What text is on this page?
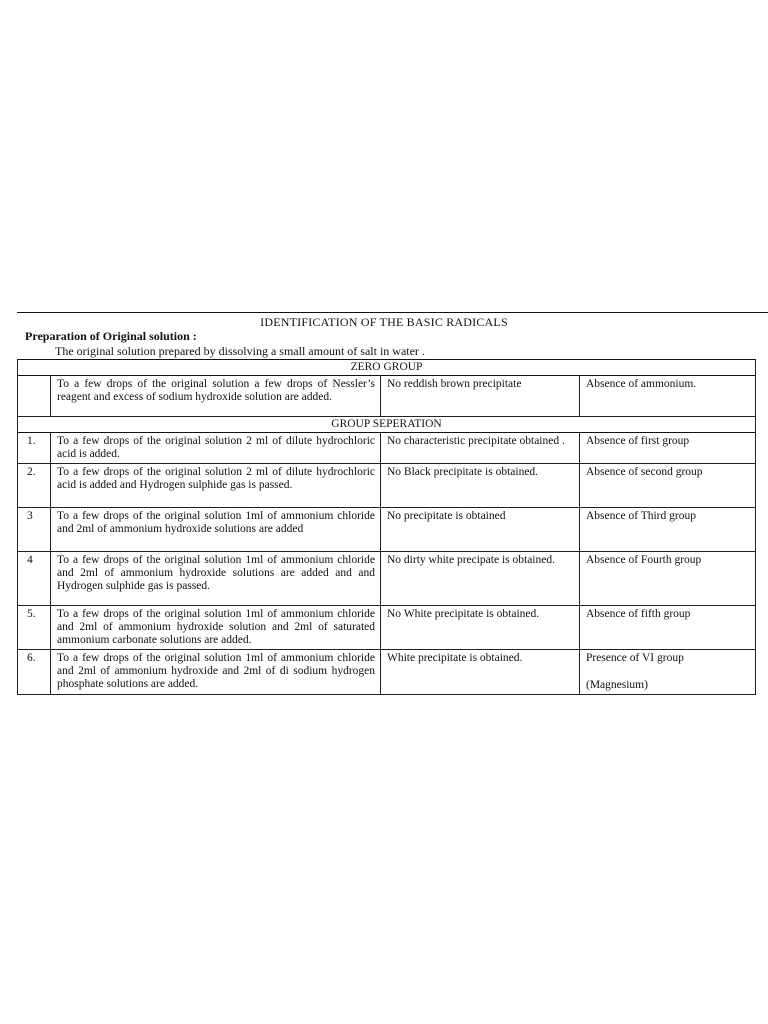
IDENTIFICATION OF THE BASIC RADICALS
Preparation of Original solution :
The original solution prepared by dissolving a small amount of salt in water .
ZERO GROUP			
	To a few drops of the original solution a few drops of Nessler’s reagent and excess of sodium hydroxide solution are added.	No reddish brown precipitate	Absence of ammonium.
GROUP SEPERATION			
1.	To a few drops of the original solution 2 ml of dilute hydrochloric acid is added.	No characteristic precipitate obtained .	Absence of first group
2.	To a few drops of the original solution 2 ml of dilute hydrochloric acid is added and Hydrogen sulphide gas is passed.	No Black precipitate is obtained.	Absence of second group
3	To a few drops of the original solution 1ml of ammonium chloride and 2ml of ammonium hydroxide solutions are added	No precipitate is obtained	Absence of Third group
4	To a few drops of the original solution 1ml of ammonium chloride and 2ml of ammonium hydroxide solutions are added and and Hydrogen sulphide gas is passed.	No dirty white precipate is obtained.	Absence of Fourth group
5.	To a few drops of the original solution 1ml of ammonium chloride and 2ml of ammonium hydroxide solution and 2ml of saturated ammonium carbonate solutions are added.	No White precipitate is obtained.	Absence of fifth group
6.	To a few drops of the original solution 1ml of ammonium chloride and 2ml of ammonium hydroxide and 2ml of di sodium hydrogen phosphate solutions are added.	White precipitate is obtained.	Presence of VI group
(Magnesium)
